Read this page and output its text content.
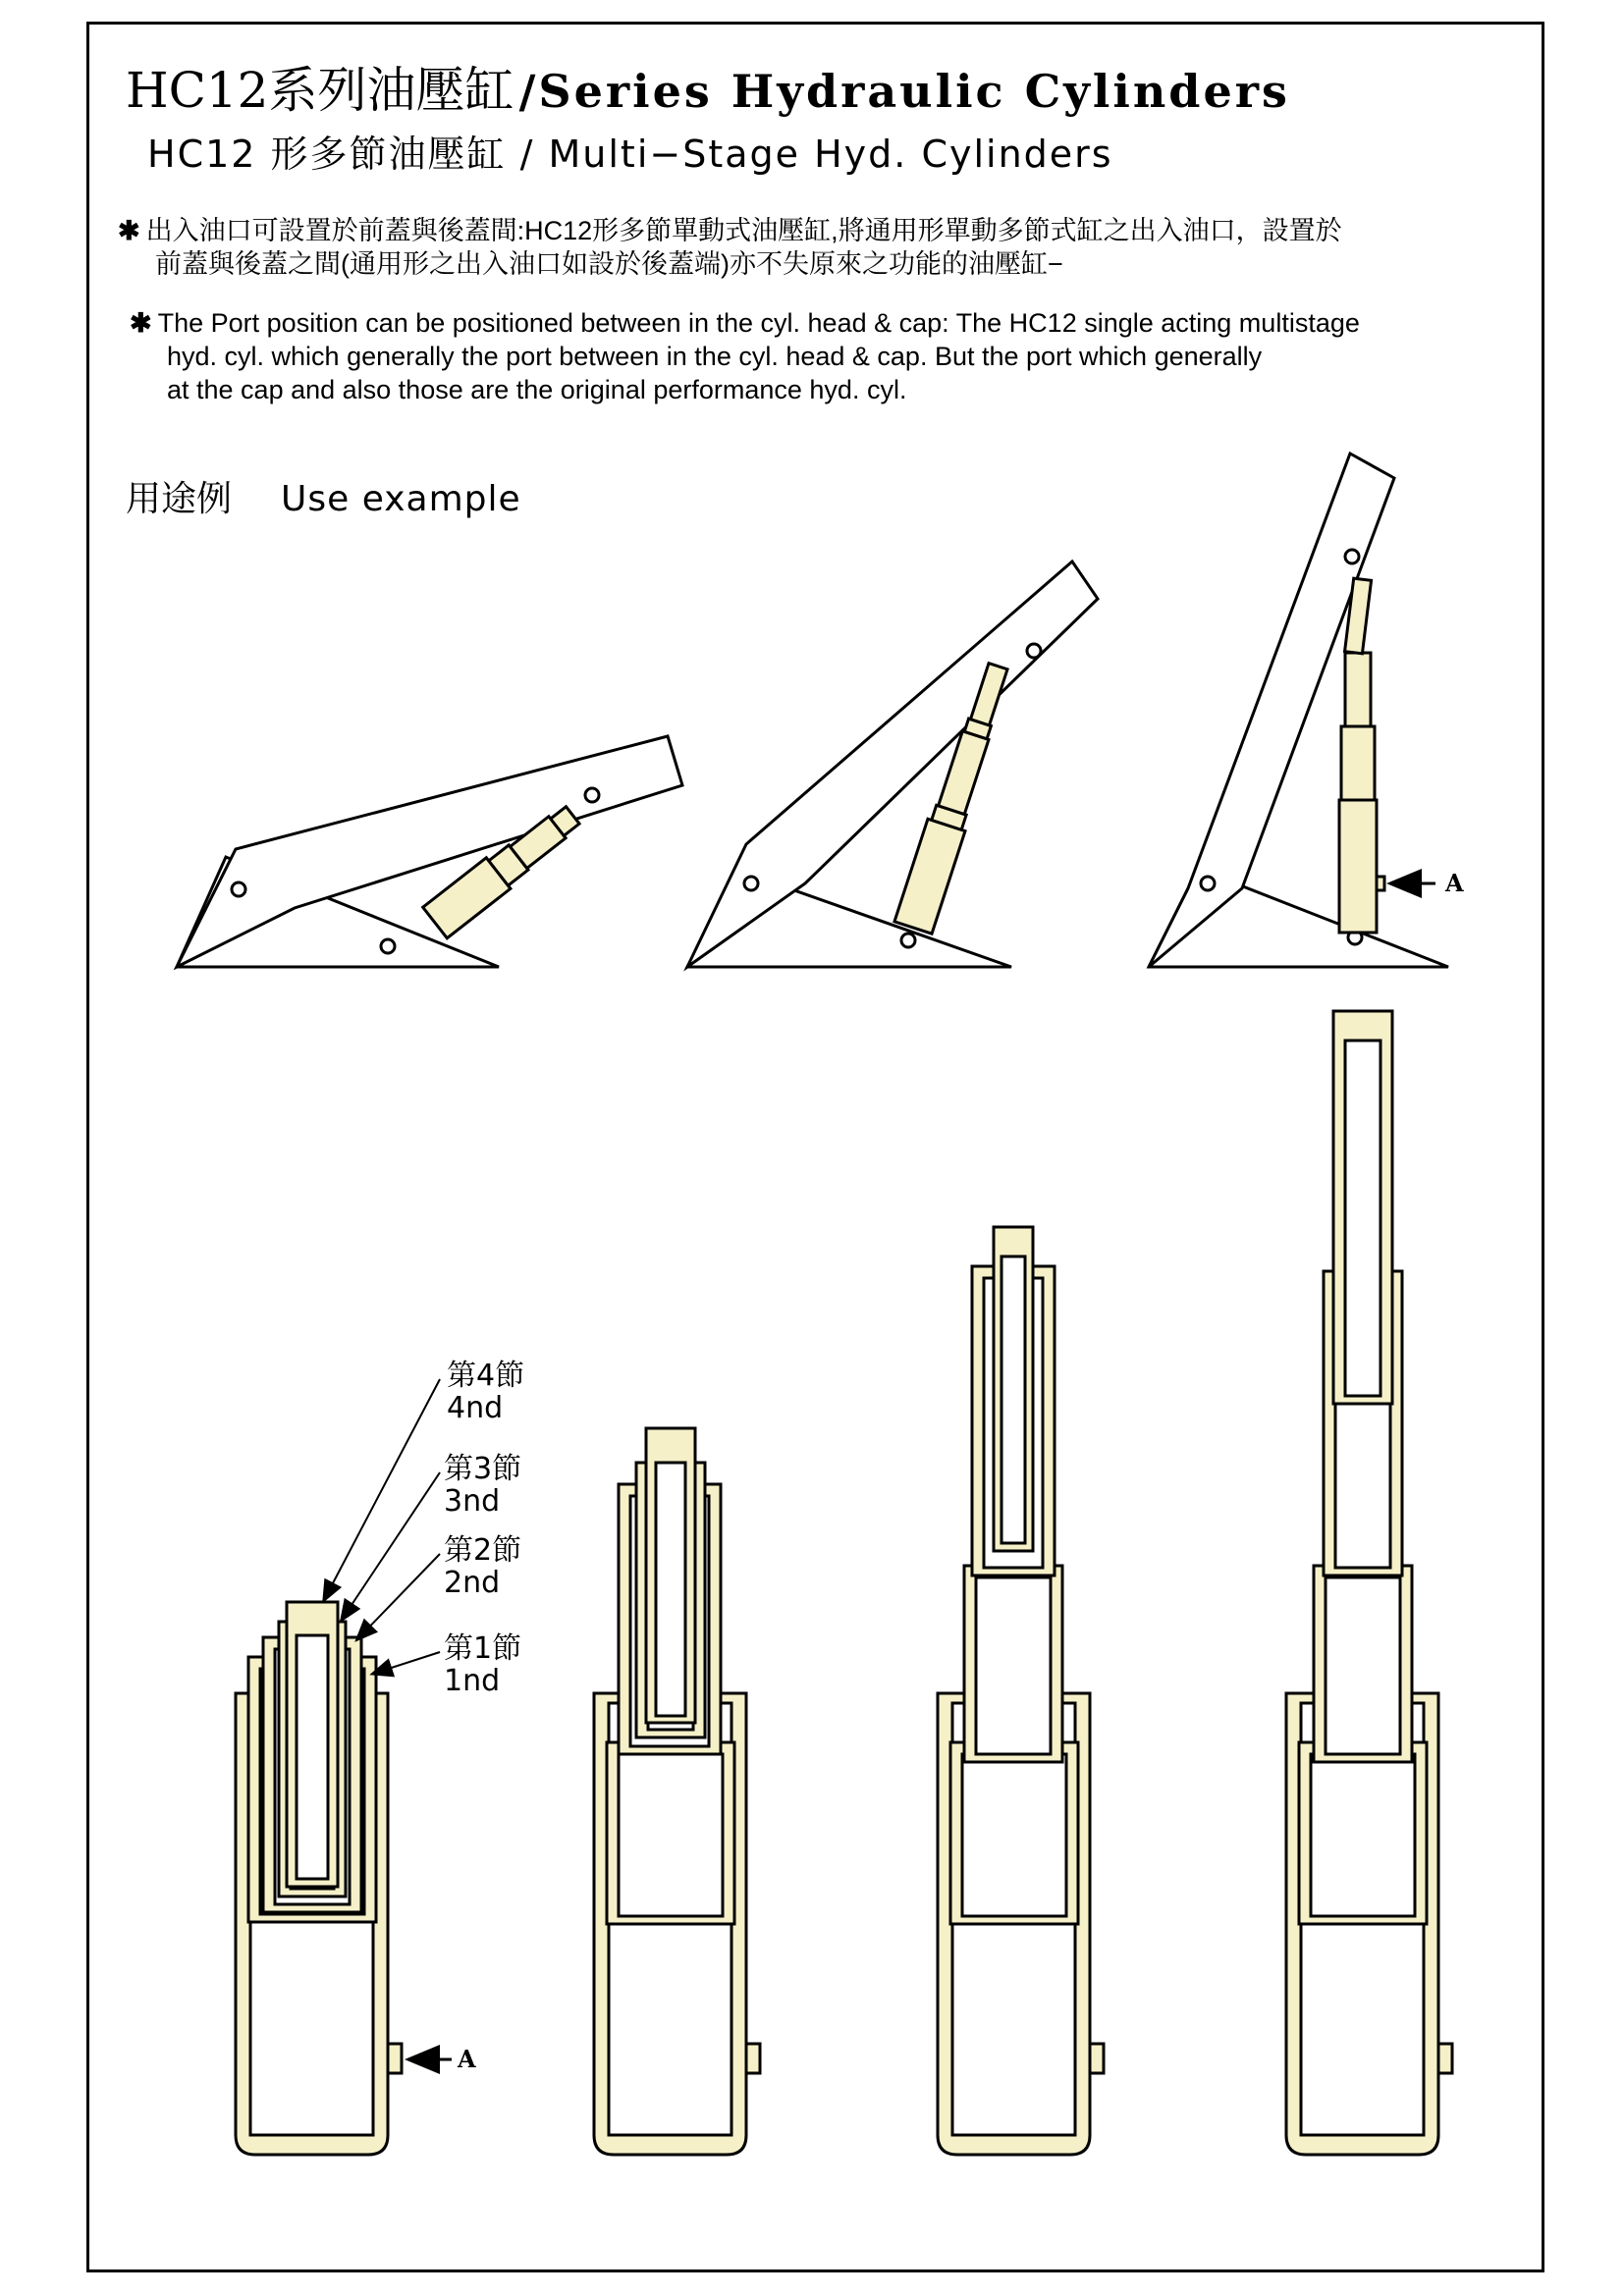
HC12系列油壓缸 /Series Hydraulic Cylinders
HC12 形多節油壓缸 / Multi−Stage Hyd. Cylinders
✱ 出入油口可設置於前蓋與後蓋間:HC12形多節單動式油壓缸,將通用形單動多節式缸之出入油口，設置於
前蓋與後蓋之間(通用形之出入油口如設於後蓋端)亦不失原來之功能的油壓缸−
✱ The Port position can be positioned between in the cyl. head & cap: The HC12 single acting multistage
hyd. cyl. which generally the port between in the cyl. head & cap. But the port which generally
at the cap and also those are the original performance hyd. cyl.
用途例 Use example
第4節
4nd
第3節
3nd
第2節
2nd
第1節
1nd
A
A
